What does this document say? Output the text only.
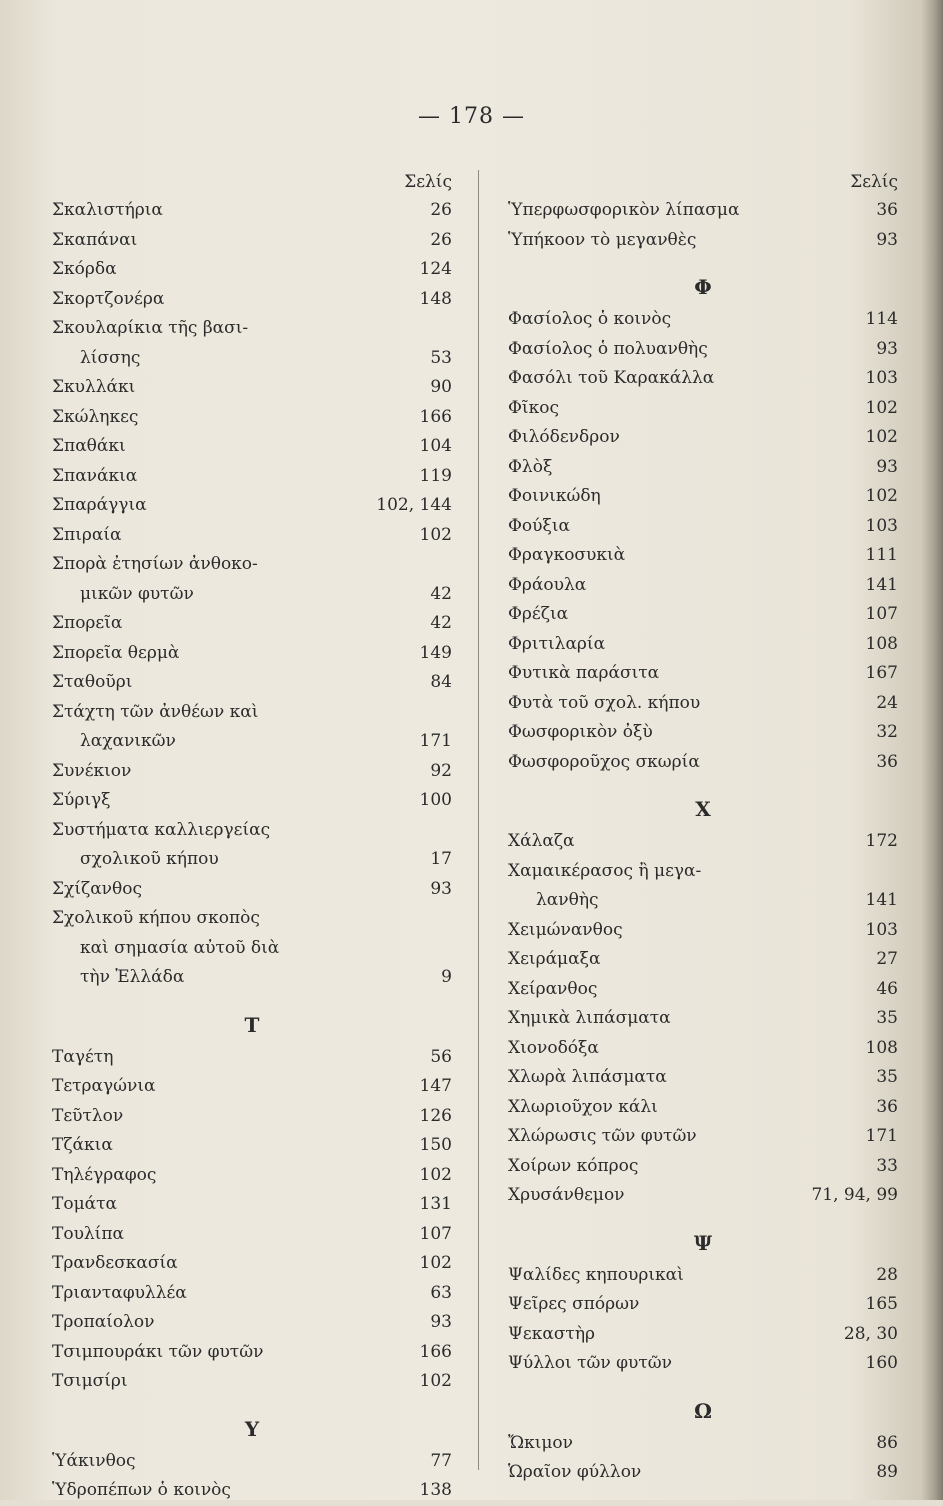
— 178 —
Σελίς
Σκαλιστήρια	26
Σκαπάναι	26
Σκόρδα	124
Σκορτζονέρα	148
Σκουλαρίκια τῆς βασι-
λίσσης	53
Σκυλλάκι	90
Σκώληκες	166
Σπαθάκι	104
Σπανάκια	119
Σπαράγγια	102, 144
Σπιραία	102
Σπορὰ ἐτησίων ἀνθοκο-
μικῶν φυτῶν	42
Σπορεῖα	42
Σπορεῖα θερμὰ	149
Σταθοῦρι	84
Στάχτη τῶν ἀνθέων καὶ
λαχανικῶν	171
Συνέκιον	92
Σύριγξ	100
Συστήματα καλλιεργείας
σχολικοῦ κήπου	17
Σχίζανθος	93
Σχολικοῦ κήπου σκοπὸς
καὶ σημασία αὐτοῦ διὰ
τὴν Ἑλλάδα	9
Τ
Ταγέτη	56
Τετραγώνια	147
Τεῦτλον	126
Τζάκια	150
Τηλέγραφος	102
Τομάτα	131
Τουλίπα	107
Τρανδεσκασία	102
Τριανταφυλλέα	63
Τροπαίολον	93
Τσιμπουράκι τῶν φυτῶν	166
Τσιμσίρι	102
Υ
Ὑάκινθος	77
Ὑδροπέπων ὁ κοινὸς	138
Σελίς
Ὑπερφωσφορικὸν λίπασμα	36
Ὑπήκοον τὸ μεγανθὲς	93
Φ
Φασίολος ὁ κοινὸς	114
Φασίολος ὁ πολυανθὴς	93
Φασόλι τοῦ Καρακάλλα	103
Φῖκος	102
Φιλόδενδρον	102
Φλὸξ	93
Φοινικώδη	102
Φούξια	103
Φραγκοσυκιὰ	111
Φράουλα	141
Φρέζια	107
Φριτιλαρία	108
Φυτικὰ παράσιτα	167
Φυτὰ τοῦ σχολ. κήπου	24
Φωσφορικὸν ὀξὺ	32
Φωσφοροῦχος σκωρία	36
Χ
Χάλαζα	172
Χαμαικέρασος ἢ μεγα-
λανθὴς	141
Χειμώνανθος	103
Χειράμαξα	27
Χείρανθος	46
Χημικὰ λιπάσματα	35
Χιονοδόξα	108
Χλωρὰ λιπάσματα	35
Χλωριοῦχον κάλι	36
Χλώρωσις τῶν φυτῶν	171
Χοίρων κόπρος	33
Χρυσάνθεμον	71, 94, 99
Ψ
Ψαλίδες κηπουρικαὶ	28
Ψεῖρες σπόρων	165
Ψεκαστὴρ	28, 30
Ψύλλοι τῶν φυτῶν	160
Ω
Ὤκιμον	86
Ὡραῖον φύλλον	89
